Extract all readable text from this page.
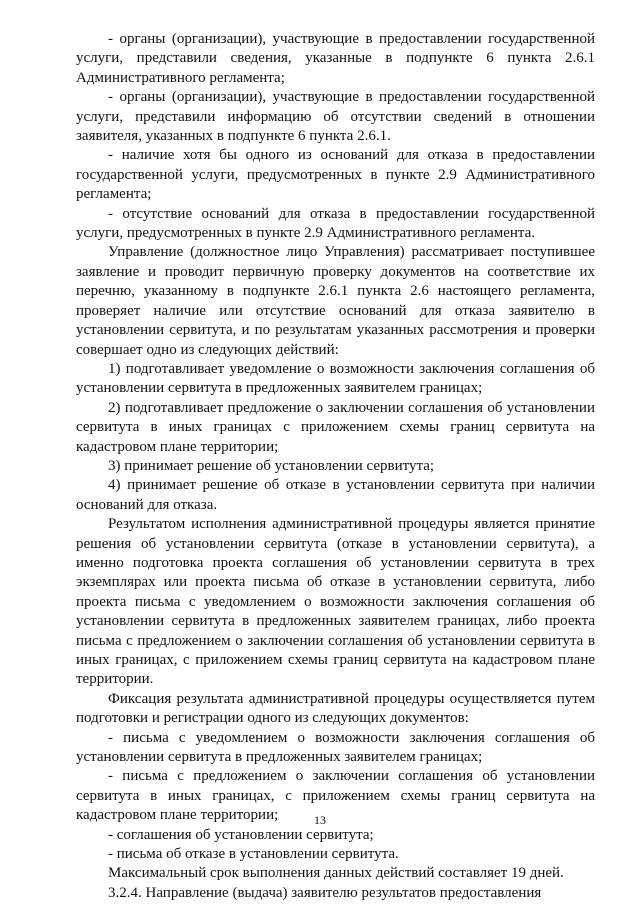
- органы (организации), участвующие в предоставлении государственной услуги, представили сведения, указанные в подпункте 6 пункта 2.6.1 Административного регламента;

- органы (организации), участвующие в предоставлении государственной услуги, представили информацию об отсутствии сведений в отношении заявителя, указанных в подпункте 6 пункта 2.6.1.

- наличие хотя бы одного из оснований для отказа в предоставлении государственной услуги, предусмотренных в пункте 2.9 Административного регламента;

- отсутствие оснований для отказа в предоставлении государственной услуги, предусмотренных в пункте 2.9 Административного регламента.

Управление (должностное лицо Управления) рассматривает поступившее заявление и проводит первичную проверку документов на соответствие их перечню, указанному в подпункте 2.6.1 пункта 2.6 настоящего регламента, проверяет наличие или отсутствие оснований для отказа заявителю в установлении сервитута, и по результатам указанных рассмотрения и проверки совершает одно из следующих действий:

1) подготавливает уведомление о возможности заключения соглашения об установлении сервитута в предложенных заявителем границах;

2) подготавливает предложение о заключении соглашения об установлении сервитута в иных границах с приложением схемы границ сервитута на кадастровом плане территории;

3) принимает решение об установлении сервитута;

4) принимает решение об отказе в установлении сервитута при наличии оснований для отказа.

Результатом исполнения административной процедуры является принятие решения об установлении сервитута (отказе в установлении сервитута), а именно подготовка проекта соглашения об установлении сервитута в трех экземплярах или проекта письма об отказе в установлении сервитута, либо проекта письма с уведомлением о возможности заключения соглашения об установлении сервитута в предложенных заявителем границах, либо проекта письма с предложением о заключении соглашения об установлении сервитута в иных границах, с приложением схемы границ сервитута на кадастровом плане территории.

Фиксация результата административной процедуры осуществляется путем подготовки и регистрации одного из следующих документов:

- письма с уведомлением о возможности заключения соглашения об установлении сервитута в предложенных заявителем границах;

- письма с предложением о заключении соглашения об установлении сервитута в иных границах, с приложением схемы границ сервитута на кадастровом плане территории;

- соглашения об установлении сервитута;

- письма об отказе в установлении сервитута.

Максимальный срок выполнения данных действий составляет 19 дней.

3.2.4. Направление (выдача) заявителю результатов предоставления

13
